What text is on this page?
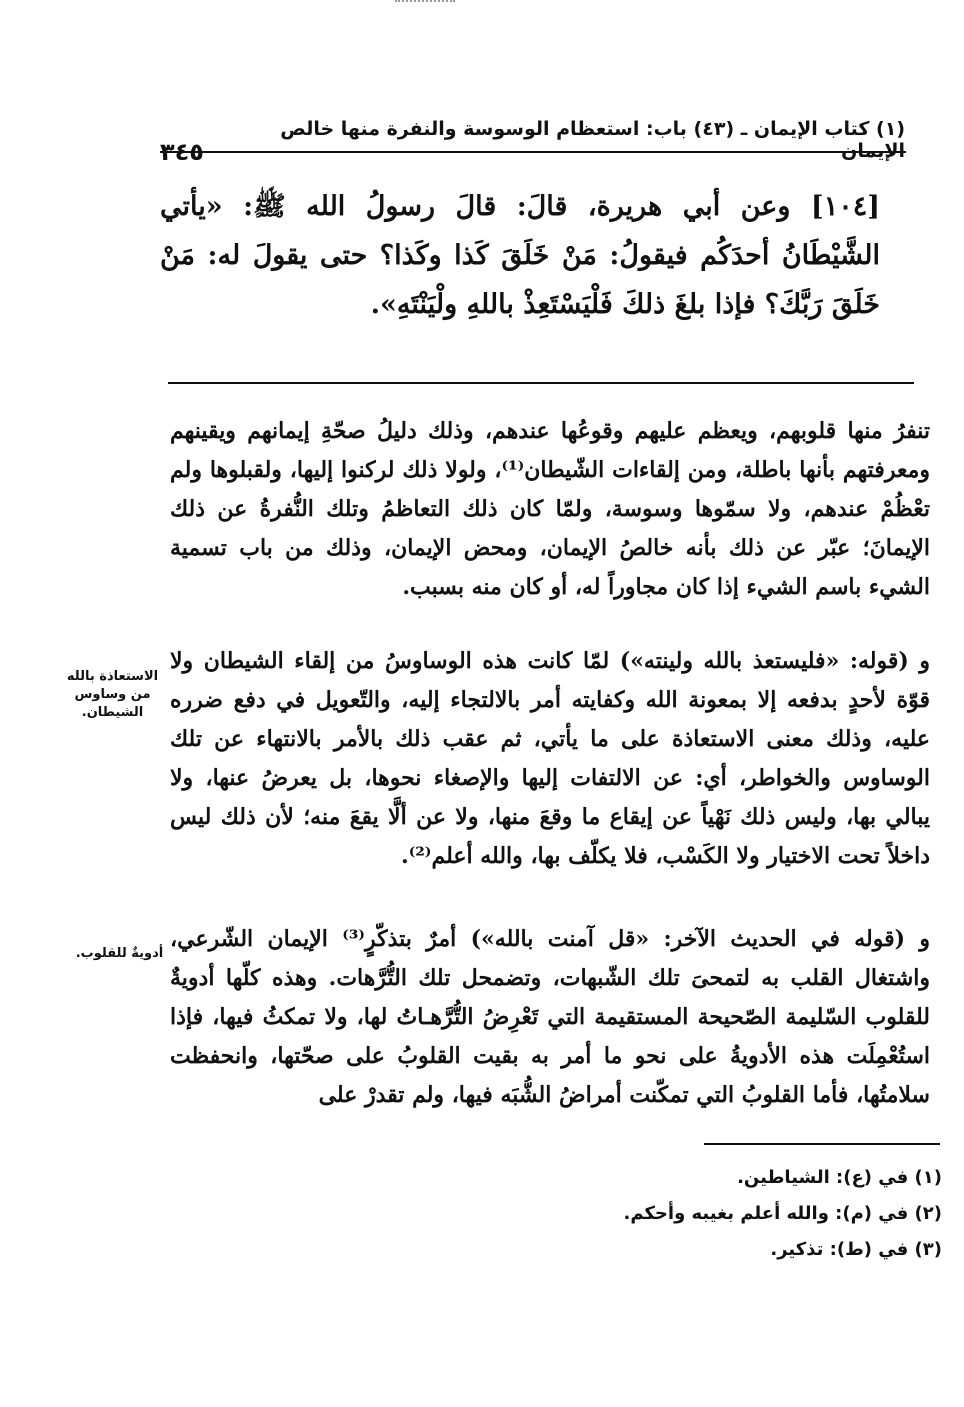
(١) كتاب الإيمان ـ (٤٣) باب: استعظام الوسوسة والنفرة منها خالص الإيمان
٣٤٥
[١٠٤] وعن أبي هريرة، قالَ: قالَ رسولُ الله ﷺ: «يأتي الشَّيْطَانُ أحدَكُم فيقولُ: مَنْ خَلَقَ كَذا وكَذا؟ حتى يقولَ له: مَنْ خَلَقَ رَبَّكَ؟ فإذا بلغَ ذلكَ فَلْيَسْتَعِذْ باللهِ ولْيَنْتَهِ».
تنفرُ منها قلوبهم، ويعظم عليهم وقوعُها عندهم، وذلك دليلُ صحّةِ إيمانهم ويقينهم ومعرفتهم بأنها باطلة، ومن إلقاءات الشّيطان⁽¹⁾، ولولا ذلك لركنوا إليها، ولقبلوها ولم تعْظُمْ عندهم، ولا سمّوها وسوسة، ولمّا كان ذلك التعاظمُ وتلك النُّفرةُ عن ذلك الإيمانَ؛ عبّر عن ذلك بأنه خالصُ الإيمان، ومحض الإيمان، وذلك من باب تسمية الشيء باسم الشيء إذا كان مجاوراً له، أو كان منه بسبب.
و (قوله: «فليستعذ بالله ولينته») لمّا كانت هذه الوساوسُ من إلقاء الشيطان ولا قوّة لأحدٍ بدفعه إلا بمعونة الله وكفايته أمر بالالتجاء إليه، والتّعويل في دفع ضرره عليه، وذلك معنى الاستعاذة على ما يأتي، ثم عقب ذلك بالأمر بالانتهاء عن تلك الوساوس والخواطر، أي: عن الالتفات إليها والإصغاء نحوها، بل يعرضُ عنها، ولا يبالي بها، وليس ذلك نَهْياً عن إيقاع ما وقعَ منها، ولا عن ألَّا يقعَ منه؛ لأن ذلك ليس داخلاً تحت الاختيار ولا الكَسْب، فلا يكلّف بها، والله أعلم⁽²⁾.
و (قوله في الحديث الآخر: «قل آمنت بالله») أمرٌ بتذكّرٍ⁽³⁾ الإيمان الشّرعي، واشتغال القلب به لتمحىَ تلك الشّبهات، وتضمحل تلك التُّرَّهات. وهذه كلّها أدويةٌ للقلوب السّليمة الصّحيحة المستقيمة التي تَعْرِضُ التُّرَّهـاتُ لها، ولا تمكثُ فيها، فإذا استُعْمِلَت هذه الأدويةُ على نحو ما أمر به بقيت القلوبُ على صحّتها، وانحفظت سلامتُها، فأما القلوبُ التي تمكّنت أمراضُ الشُّبَه فيها، ولم تقدرْ على
الاستعاذة بالله من وساوس الشيطان.
أدويةٌ للقلوب.
(١) في (ع): الشياطين.
(٢) في (م): والله أعلم بغيبه وأحكم.
(٣) في (ط): تذكير.
